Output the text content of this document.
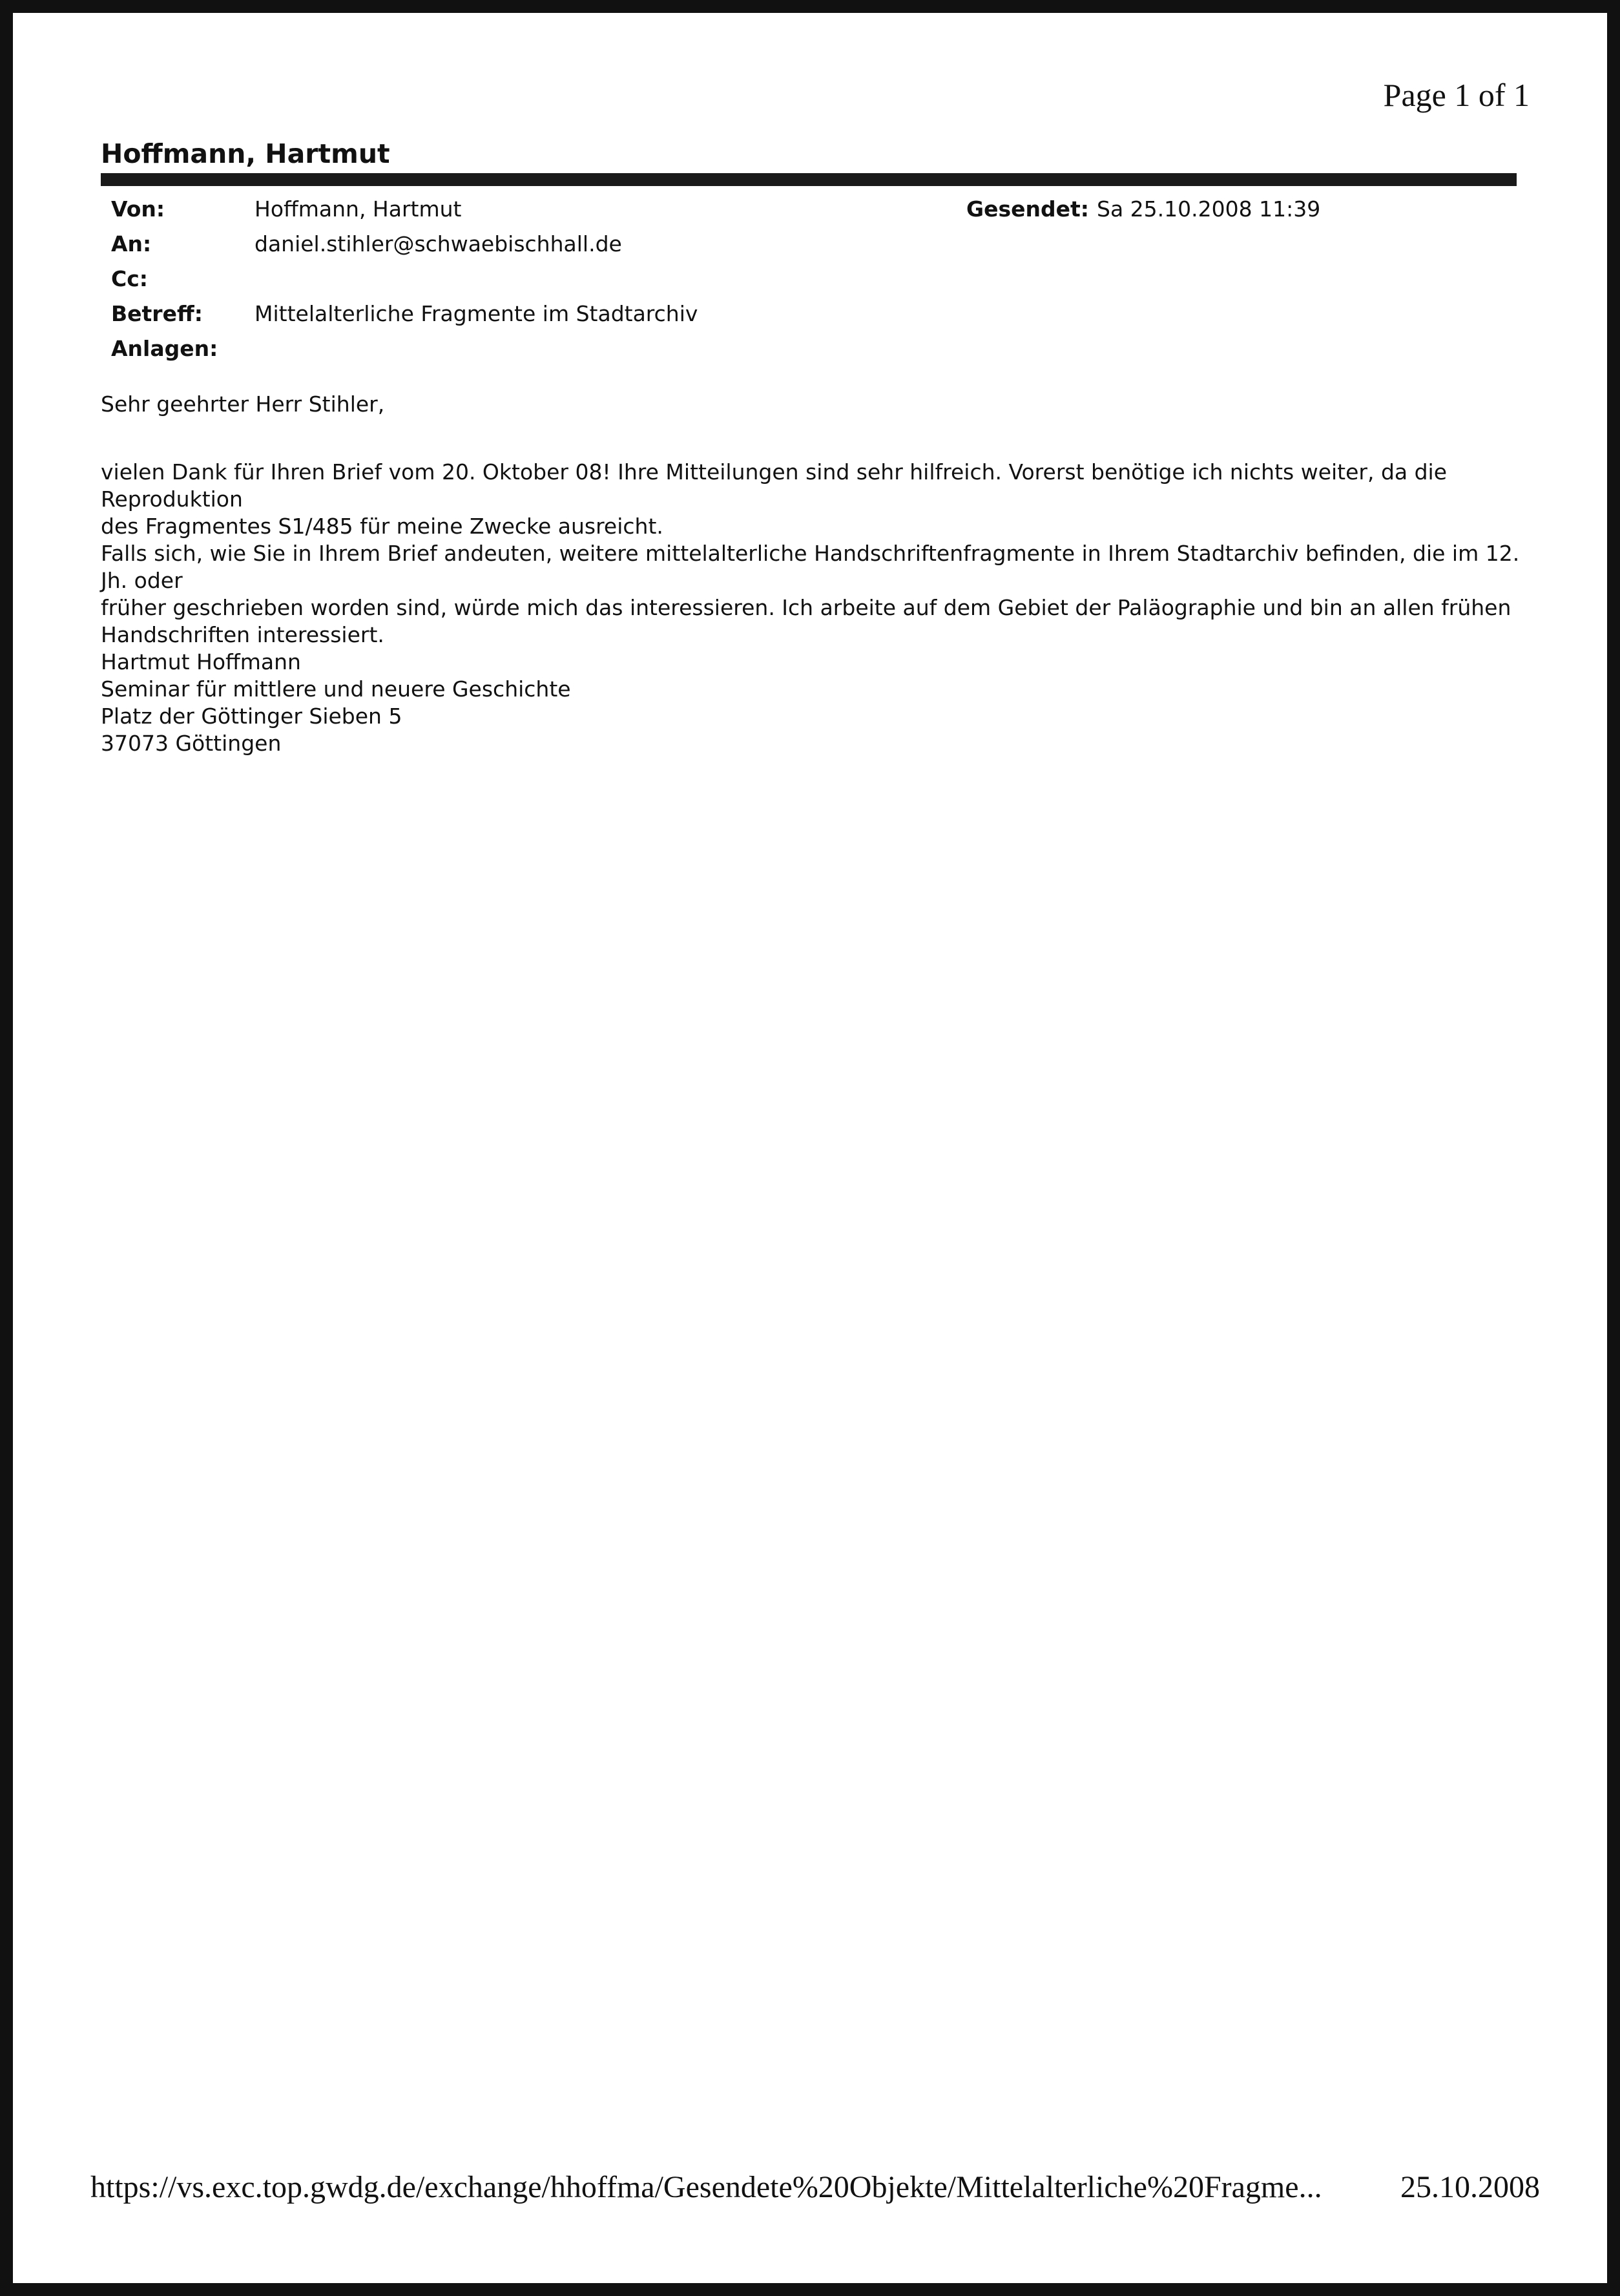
Page 1 of 1
Hoffmann, Hartmut
Von:	Hoffmann, Hartmut	Gesendet: Sa 25.10.2008 11:39
An:	daniel.stihler@schwaebischhall.de
Cc:
Betreff: Mittelalterliche Fragmente im Stadtarchiv
Anlagen:
Sehr geehrter Herr Stihler,

vielen Dank für Ihren Brief vom 20. Oktober 08! Ihre Mitteilungen sind sehr hilfreich. Vorerst benötige ich nichts weiter, da die Reproduktion
des Fragmentes S1/485 für meine Zwecke ausreicht.

Falls sich, wie Sie in Ihrem Brief andeuten, weitere mittelalterliche Handschriftenfragmente in Ihrem Stadtarchiv befinden, die im 12. Jh. oder
früher geschrieben worden sind, würde mich das interessieren. Ich arbeite auf dem Gebiet der Paläographie und bin an allen frühen
Handschriften interessiert.

Hartmut Hoffmann
Seminar für mittlere und neuere Geschichte
Platz der Göttinger Sieben 5
37073 Göttingen

https://vs.exc.top.gwdg.de/exchange/hhoffma/Gesendete%20Objekte/Mittelalterliche%20Fragme...	25.10.2008
